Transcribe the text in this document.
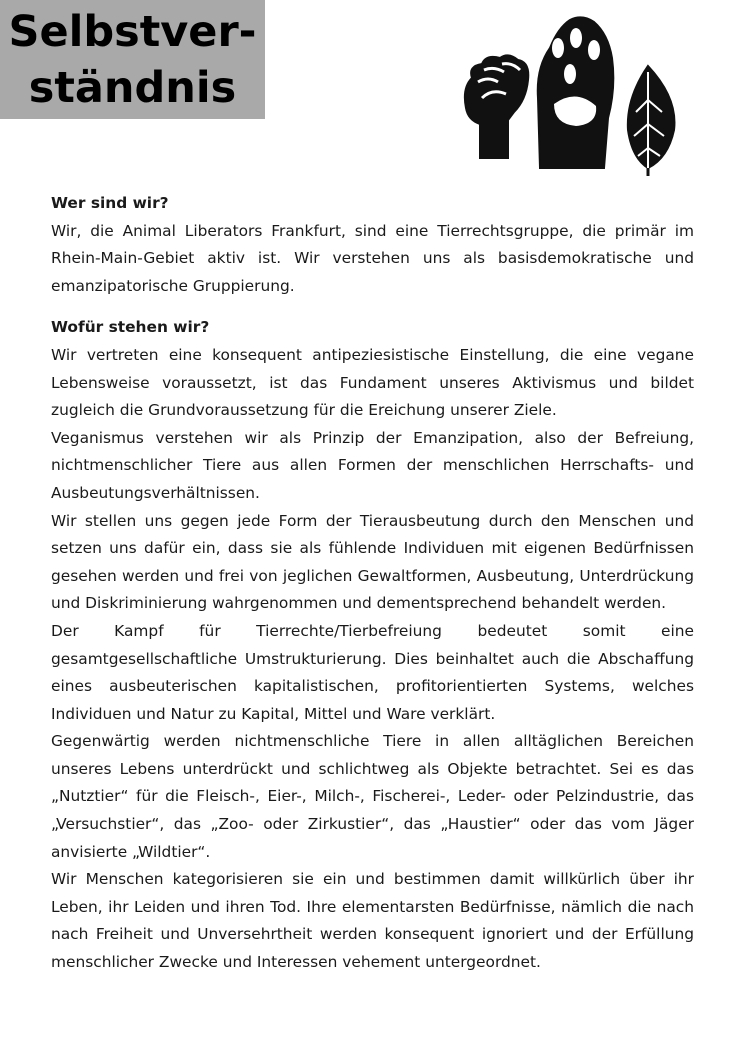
Selbstver-
ständnis
Wer sind wir?

Wir, die Animal Liberators Frankfurt, sind eine Tierrechtsgruppe, die primär im Rhein-Main-Gebiet aktiv ist. Wir verstehen uns als basisdemokratische und emanzipatorische Gruppierung.

Wofür stehen wir?

Wir vertreten eine konsequent antipeziesistische Einstellung, die eine vegane Lebensweise voraussetzt, ist das Fundament unseres Aktivismus und bildet zugleich die Grundvoraussetzung für die Ereichung unserer Ziele.

Veganismus verstehen wir als Prinzip der Emanzipation, also der Befreiung, nichtmenschlicher Tiere aus allen Formen der menschlichen Herrschafts- und Ausbeutungsverhältnissen.

Wir stellen uns gegen jede Form der Tierausbeutung durch den Menschen und setzen uns dafür ein, dass sie als fühlende Individuen mit eigenen Bedürfnissen gesehen werden und frei von jeglichen Gewaltformen, Ausbeutung, Unterdrückung und Diskriminierung wahrgenommen und dementsprechend behandelt werden.

Der Kampf für Tierrechte/Tierbefreiung bedeutet somit eine gesamtgesellschaftliche Umstrukturierung. Dies beinhaltet auch die Abschaffung eines ausbeuterischen kapitalistischen, profitorientierten Systems, welches Individuen und Natur zu Kapital, Mittel und Ware verklärt.

Gegenwärtig werden nichtmenschliche Tiere in allen alltäglichen Bereichen unseres Lebens unterdrückt und schlichtweg als Objekte betrachtet. Sei es das „Nutztier“ für die Fleisch-, Eier-, Milch-, Fischerei-, Leder- oder Pelzindustrie, das „Versuchstier“, das „Zoo- oder Zirkustier“, das „Haustier“ oder das vom Jäger anvisierte „Wildtier“.

Wir Menschen kategorisieren sie ein und bestimmen damit willkürlich über ihr Leben, ihr Leiden und ihren Tod. Ihre elementarsten Bedürfnisse, nämlich die nach nach Freiheit und Unversehrtheit werden konsequent ignoriert und der Erfüllung menschlicher Zwecke und Interessen vehement untergeordnet.
